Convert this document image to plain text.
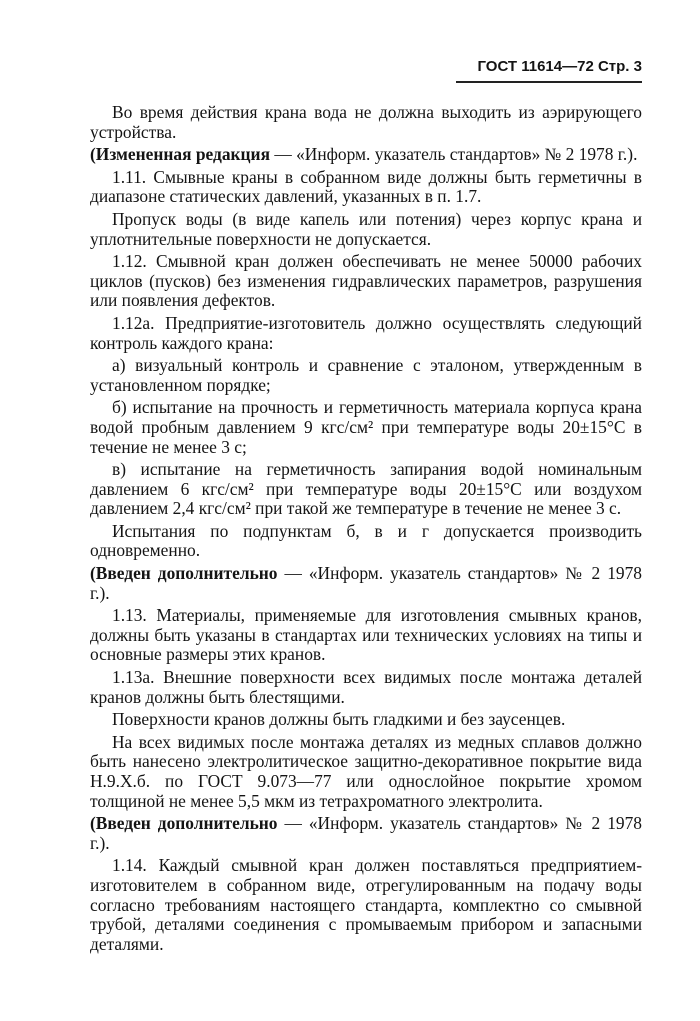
ГОСТ 11614—72 Стр. 3

Во время действия крана вода не должна выходить из аэрирующего устройства.

(Измененная редакция — «Информ. указатель стандартов» № 2 1978 г.).

1.11. Смывные краны в собранном виде должны быть герметичны в диапазоне статических давлений, указанных в п. 1.7.

Пропуск воды (в виде капель или потения) через корпус крана и уплотнительные поверхности не допускается.

1.12. Смывной кран должен обеспечивать не менее 50000 рабочих циклов (пусков) без изменения гидравлических параметров, разрушения или появления дефектов.

1.12а. Предприятие-изготовитель должно осуществлять следующий контроль каждого крана:

а) визуальный контроль и сравнение с эталоном, утвержденным в установленном порядке;

б) испытание на прочность и герметичность материала корпуса крана водой пробным давлением 9 кгс/см² при температуре воды 20±15°С в течение не менее 3 с;

в) испытание на герметичность запирания водой номинальным давлением 6 кгс/см² при температуре воды 20±15°С или воздухом давлением 2,4 кгс/см² при такой же температуре в течение не менее 3 с.

Испытания по подпунктам б, в и г допускается производить одновременно.

(Введен дополнительно — «Информ. указатель стандартов» № 2 1978 г.).

1.13. Материалы, применяемые для изготовления смывных кранов, должны быть указаны в стандартах или технических условиях на типы и основные размеры этих кранов.

1.13а. Внешние поверхности всех видимых после монтажа деталей кранов должны быть блестящими.

Поверхности кранов должны быть гладкими и без заусенцев.

На всех видимых после монтажа деталях из медных сплавов должно быть нанесено электролитическое защитно-декоративное покрытие вида Н.9.Х.б. по ГОСТ 9.073—77 или однослойное покрытие хромом толщиной не менее 5,5 мкм из тетрахроматного электролита.

(Введен дополнительно — «Информ. указатель стандартов» № 2 1978 г.).

1.14. Каждый смывной кран должен поставляться предприятием-изготовителем в собранном виде, отрегулированным на подачу воды согласно требованиям настоящего стандарта, комплектно со смывной трубой, деталями соединения с промываемым прибором и запасными деталями.
